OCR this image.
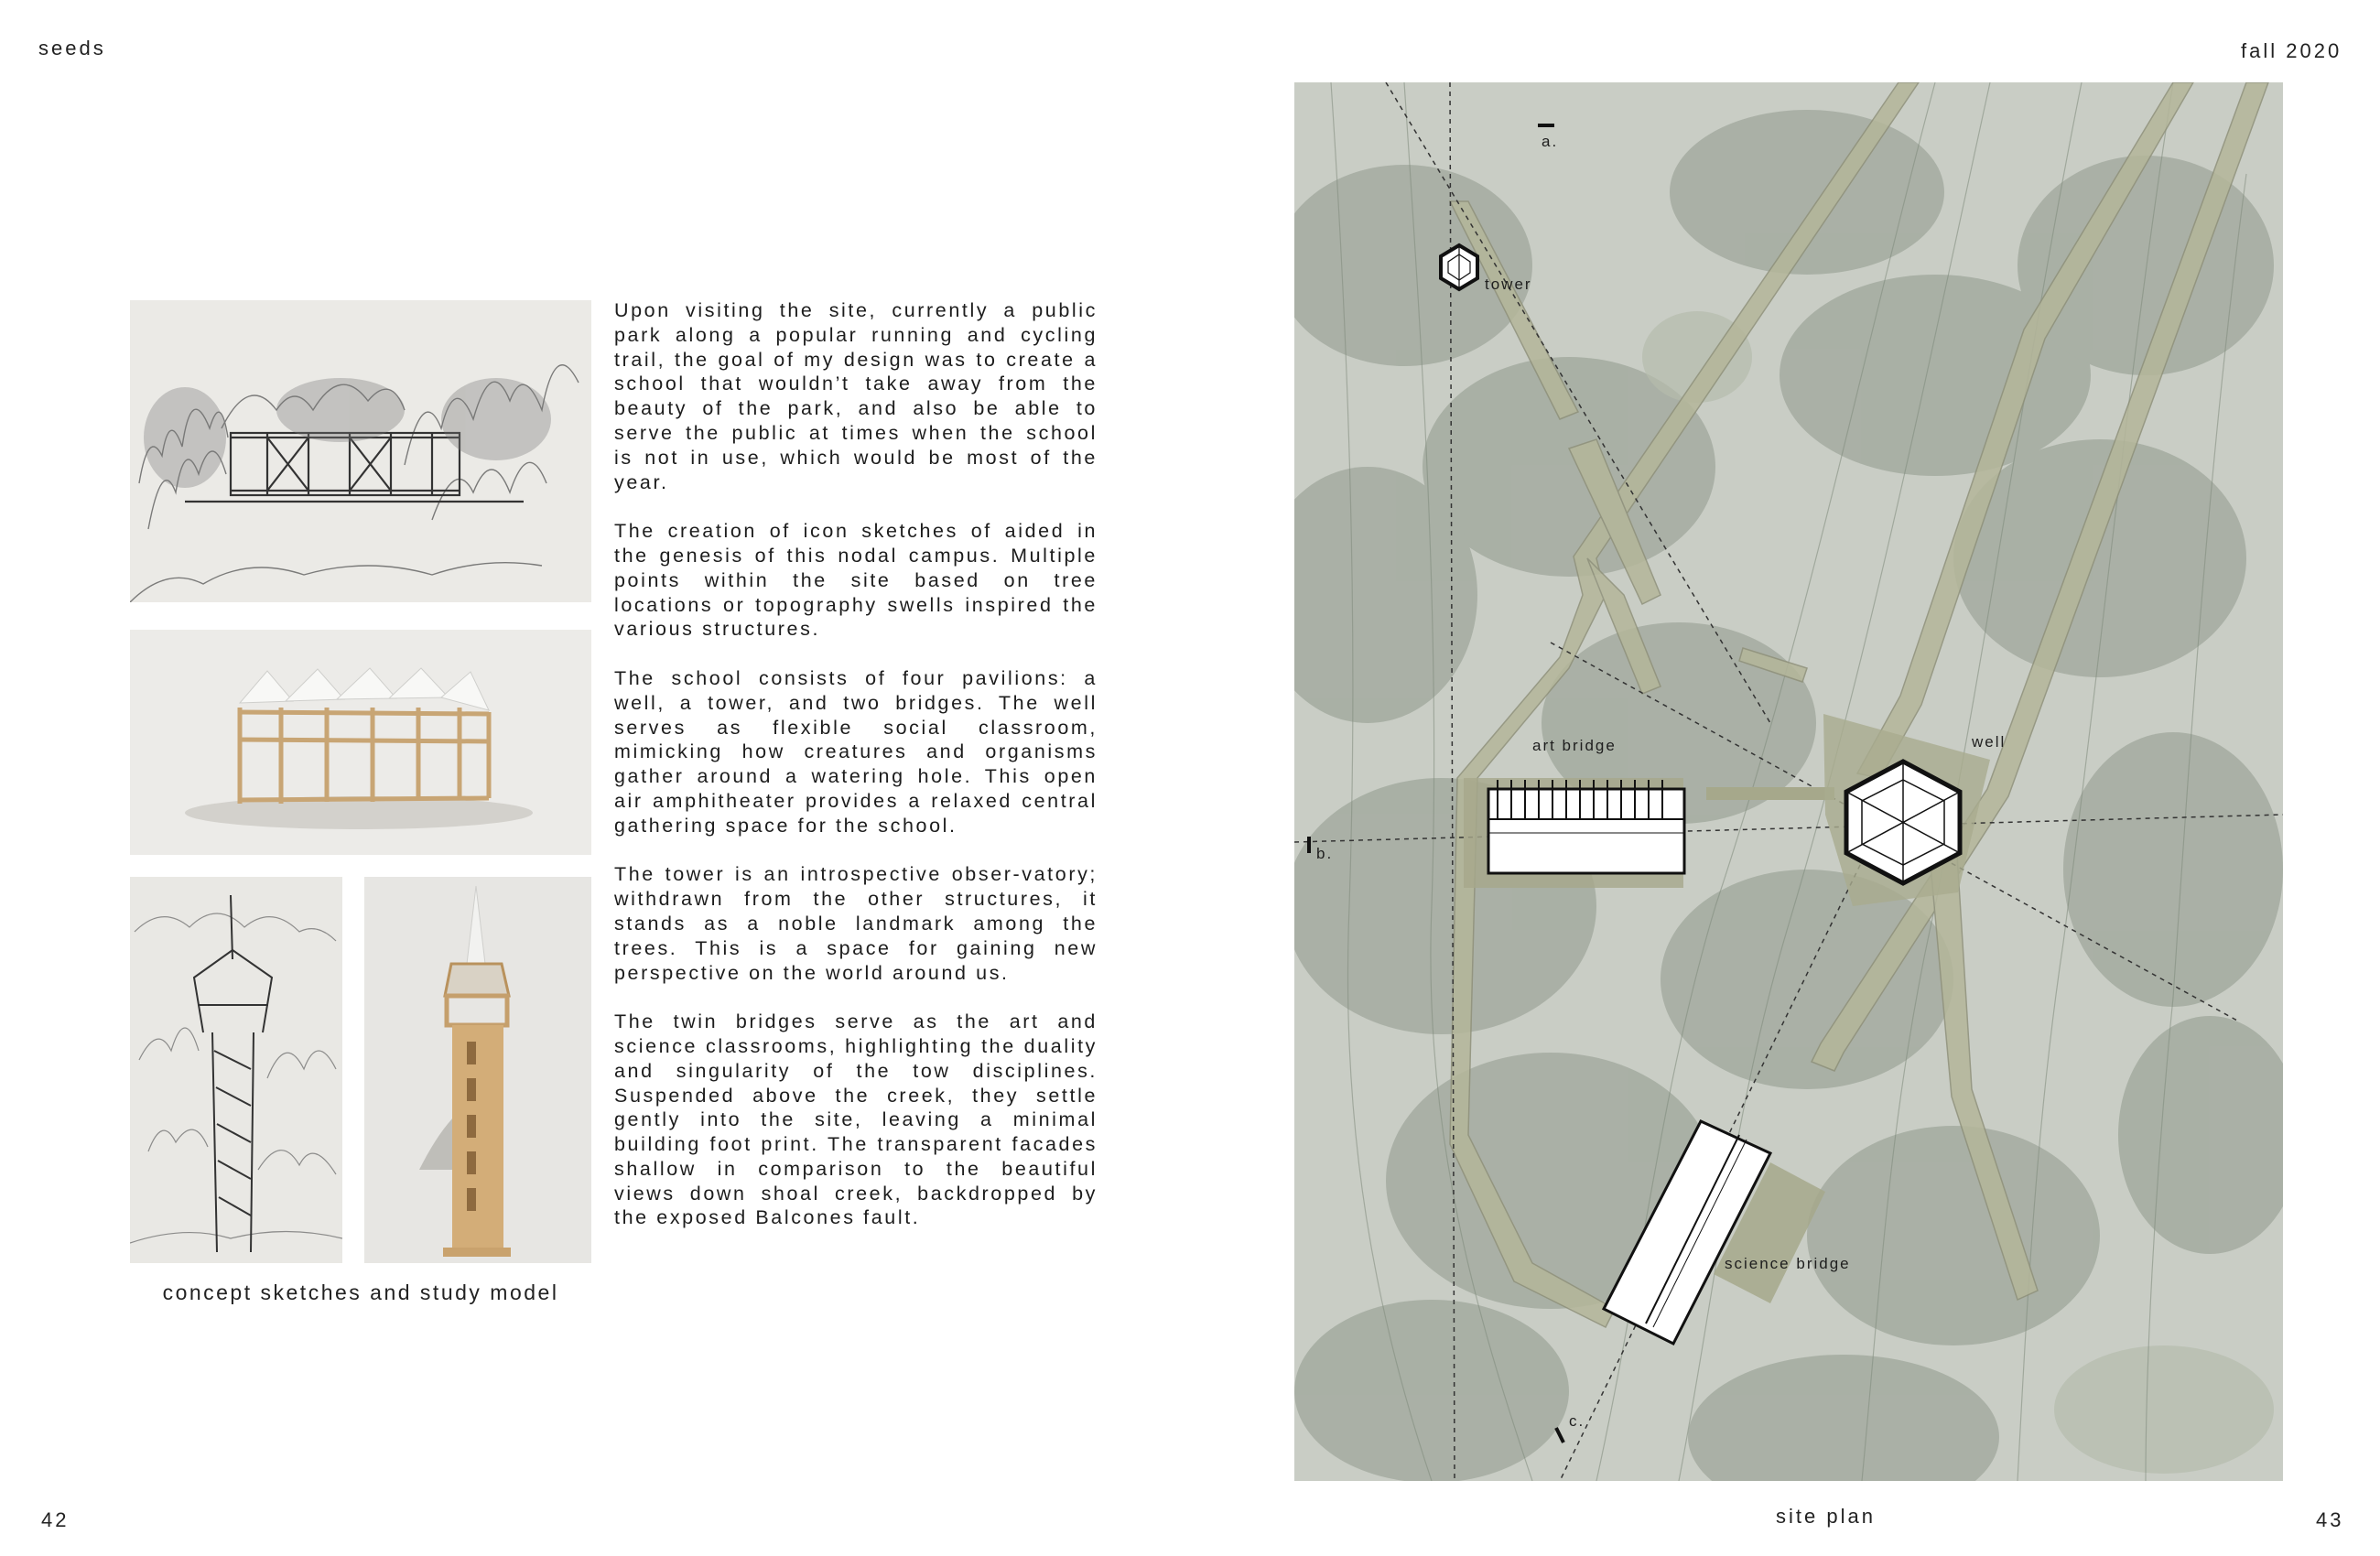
seeds	fall 2020
concept sketches and study model

Upon visiting the site, currently a public park along a popular running and cycling trail, the goal of my design was to create a school that wouldn’t take away from the beauty of the park, and also be able to serve the public at times when the school is not in use, which would be most of the year.

The creation of icon sketches of aided in the genesis of this nodal campus. Multiple points within the site based on tree locations or topography swells inspired the various structures.

The school consists of four pavilions: a well, a tower, and two bridges. The well serves as flexible social classroom, mimicking how creatures and organisms gather around a watering hole. This open air amphitheater provides a relaxed central gathering space for the school.

The tower is an introspective obser-vatory; withdrawn from the other structures, it stands as a noble landmark among the trees. This is a space for gaining new perspective on the world around us.

The twin bridges serve as the art and science classrooms, highlighting the duality and singularity of the tow disciplines. Suspended above the creek, they settle gently into the site, leaving a minimal building foot print. The transparent facades shallow in comparison to the beautiful views down shoal creek, backdropped by the exposed Balcones fault.

a.
b.
c.
tower
art bridge	well
science bridge
42	site plan	43
